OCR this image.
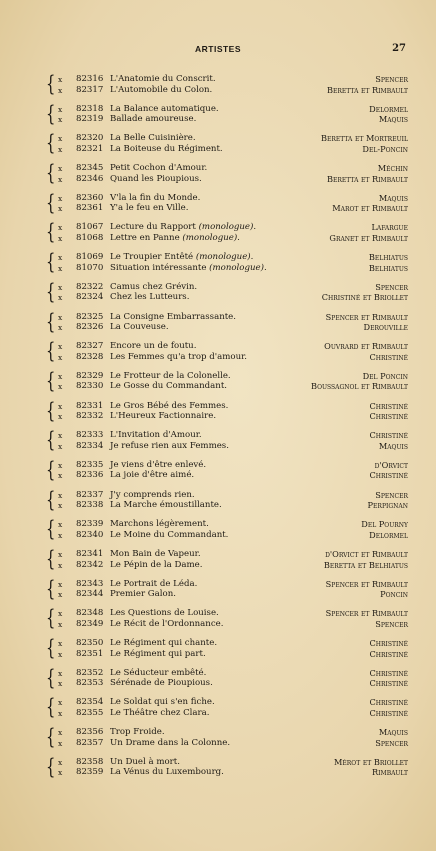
ARTISTES	27
{ x 82316 L'Anatomie du Conscrit.	Spencer
x 82317 L'Automobile du Colon.	Beretta et Rimbault
{ x 82318 La Balance automatique.	Delormel
x 82319 Ballade amoureuse.	Maquis
{ x 82320 La Belle Cuisinière.	Beretta et Mortreuil
x 82321 La Boiteuse du Régiment.	Del-Poncin
{ x 82345 Petit Cochon d'Amour.	Méchin
x 82346 Quand les Pioupious.	Beretta et Rimbault
{ x 82360 V'la la fin du Monde.	Maquis
x 82361 Y'a le feu en Ville.	Marot et Rimbault
{ x 81067 Lecture du Rapport (monologue).	Lafargue
x 81068 Lettre en Panne (monologue).	Granet et Rimbault
{ x 81069 Le Troupier Entêté (monologue).	Belhiatus
x 81070 Situation intéressante (monologue).	Belhiatus
{ x 82322 Camus chez Grévin.	Spencer
x 82324 Chez les Lutteurs.	Christiné et Briollet
{ x 82325 La Consigne Embarrassante.	Spencer et Rimbault
x 82326 La Couveuse.	Derouville
{ x 82327 Encore un de foutu.	Ouvrard et Rimbault
x 82328 Les Femmes qu'a trop d'amour.	Christiné
{ x 82329 Le Frotteur de la Colonelle.	Del Poncin
x 82330 Le Gosse du Commandant.	Boussagnol et Rimbault
{ x 82331 Le Gros Bébé des Femmes.	Christiné
x 82332 L'Heureux Factionnaire.	Christiné
{ x 82333 L'Invitation d'Amour.	Christiné
x 82334 Je refuse rien aux Femmes.	Maquis
{ x 82335 Je viens d'être enlevé.	d'Orvict
x 82336 La joie d'être aimé.	Christiné
{ x 82337 J'y comprends rien.	Spencer
x 82338 La Marche émoustillante.	Perpignan
{ x 82339 Marchons légèrement.	Del Pourny
x 82340 Le Moine du Commandant.	Delormel
{ x 82341 Mon Bain de Vapeur.	d'Orvict et Rimbault
x 82342 Le Pépin de la Dame.	Beretta et Belhiatus
{ x 82343 Le Portrait de Léda.	Spencer et Rimbault
x 82344 Premier Galon.	Poncin
{ x 82348 Les Questions de Louise.	Spencer et Rimbault
x 82349 Le Récit de l'Ordonnance.	Spencer
{ x 82350 Le Régiment qui chante.	Christiné
x 82351 Le Régiment qui part.	Christiné
{ x 82352 Le Séducteur embêté.	Christiné
x 82353 Sérénade de Pioupious.	Christiné
{ x 82354 Le Soldat qui s'en fiche.	Christiné
x 82355 Le Théâtre chez Clara.	Christiné
{ x 82356 Trop Froide.	Maquis
x 82357 Un Drame dans la Colonne.	Spencer
{ x 82358 Un Duel à mort.	Mérot et Briollet
x 82359 La Vénus du Luxembourg.	Rimbault
